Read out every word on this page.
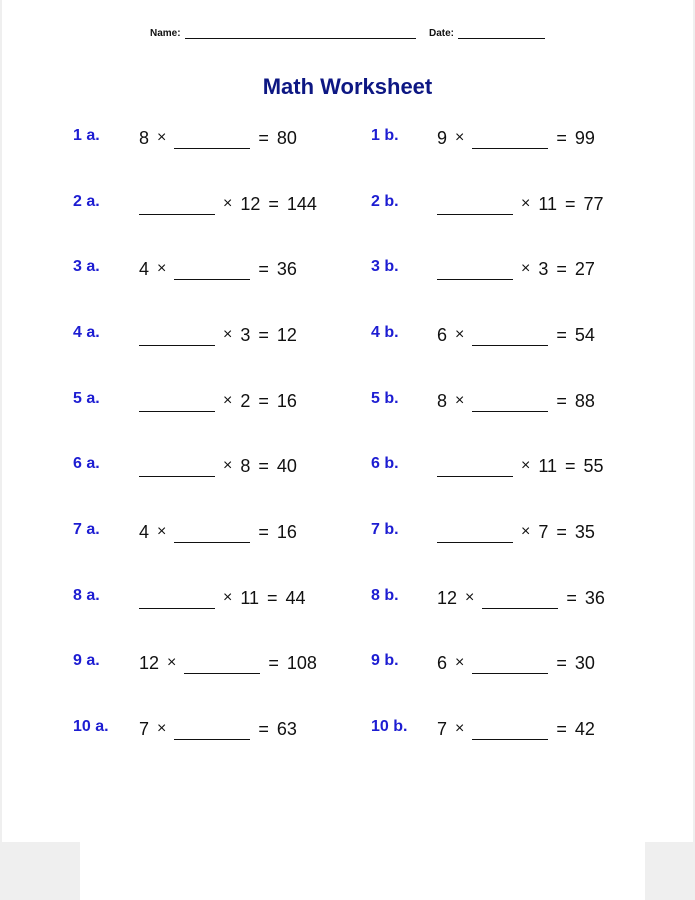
Name:	Date:
Math Worksheet
1 a. 8 ×	= 80	1 b. 9 ×	= 99
2 a.	× 12 = 144	2 b.	× 11 = 77
3 a. 4 ×	= 36	3 b.	× 3 = 27
4 a.	× 3 = 12	4 b. 6 ×	= 54
5 a.	× 2 = 16	5 b. 8 ×	= 88
6 a.	× 8 = 40	6 b.	× 11 = 55
7 a. 4 ×	= 16	7 b.	× 7 = 35
8 a.	× 11 = 44	8 b. 12 ×	= 36
9 a. 12 ×	= 108	9 b. 6 ×	= 30
10 a. 7 ×	= 63	10 b. 7 ×	= 42
